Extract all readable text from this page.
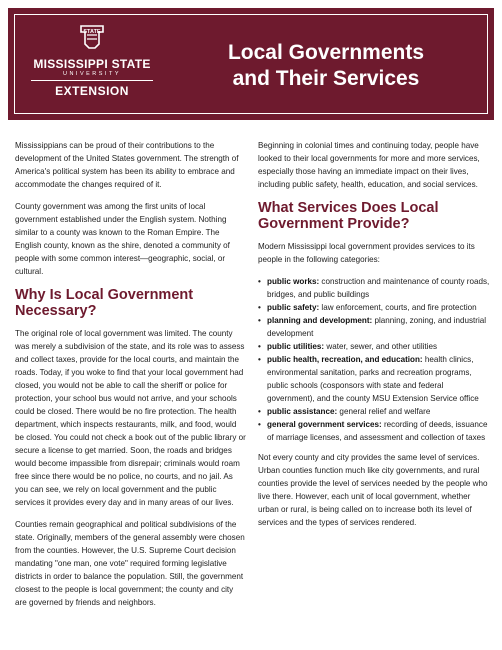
STATE
MISSISSIPPI STATE
UNIVERSITY
EXTENSION
Local Governments
and Their Services

Mississippians can be proud of their contributions to the development of the United States government. The strength of America's political system has been its ability to embrace and accommodate the changes required of it.

County government was among the first units of local government established under the English system. Nothing similar to a county was known to the Roman Empire. The English county, known as the shire, denoted a community of people with some common interest—geographic, social, or cultural.

Why Is Local Government Necessary?

The original role of local government was limited. The county was merely a subdivision of the state, and its role was to assess and collect taxes, provide for the local courts, and maintain the roads. Today, if you woke to find that your local government had closed, you would not be able to call the sheriff or police for protection, your school bus would not arrive, and your schools could be closed. There would be no fire protection. The health department, which inspects restaurants, milk, and food, would be closed. You could not check a book out of the public library or secure a license to get married. Soon, the roads and bridges would become impassible from disrepair; criminals would roam free since there would be no police, no courts, and no jail. As you can see, we rely on local government and the public services it provides every day and in many areas of our lives.

Counties remain geographical and political subdivisions of the state. Originally, members of the general assembly were chosen from the counties. However, the U.S. Supreme Court decision mandating "one man, one vote" required forming legislative districts in order to balance the population. Still, the government closest to the people is local government; the county and city are governed by friends and neighbors.

Beginning in colonial times and continuing today, people have looked to their local governments for more and more services, especially those having an immediate impact on their lives, including public safety, health, education, and social services.

What Services Does Local Government Provide?

Modern Mississippi local government provides services to its people in the following categories:

• public works: construction and maintenance of county roads, bridges, and public buildings
• public safety: law enforcement, courts, and fire protection
• planning and development: planning, zoning, and industrial development
• public utilities: water, sewer, and other utilities
• public health, recreation, and education: health clinics, environmental sanitation, parks and recreation programs, public schools (cosponsors with state and federal government), and the county MSU Extension Service office
• public assistance: general relief and welfare
• general government services: recording of deeds, issuance of marriage licenses, and assessment and collection of taxes

Not every county and city provides the same level of services. Urban counties function much like city governments, and rural counties provide the level of services needed by the people who live there. However, each unit of local government, whether urban or rural, is being called on to increase both its level of services and the types of services rendered.
